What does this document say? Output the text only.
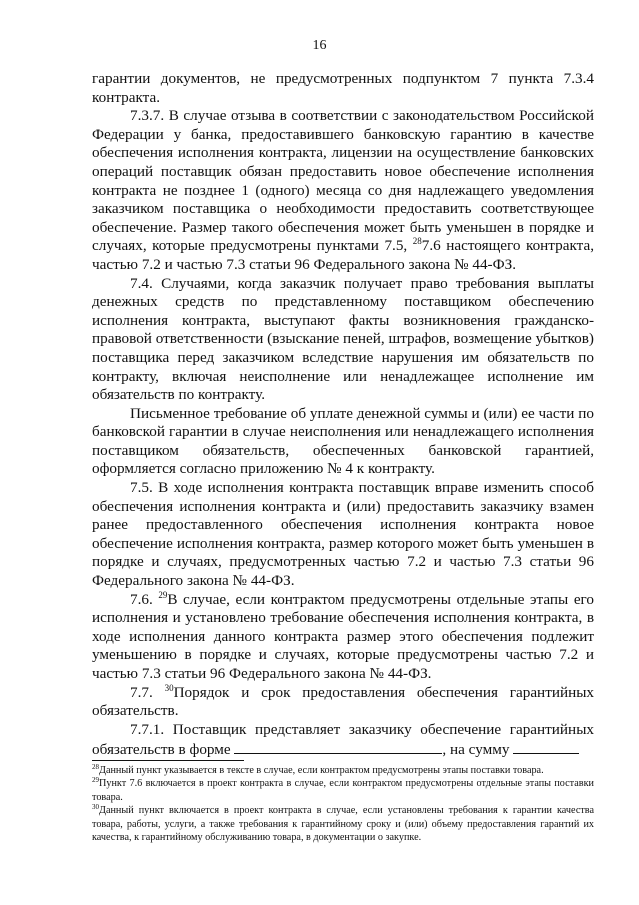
16

гарантии документов, не предусмотренных подпунктом 7 пункта 7.3.4 контракта.

7.3.7. В случае отзыва в соответствии с законодательством Российской Федерации у банка, предоставившего банковскую гарантию в качестве обеспечения исполнения контракта, лицензии на осуществление банковских операций поставщик обязан предоставить новое обеспечение исполнения контракта не позднее 1 (одного) месяца со дня надлежащего уведомления заказчиком поставщика о необходимости предоставить соответствующее обеспечение. Размер такого обеспечения может быть уменьшен в порядке и случаях, которые предусмотрены пунктами 7.5, $^{28}$7.6 настоящего контракта, частью 7.2 и частью 7.3 статьи 96 Федерального закона № 44-ФЗ.

7.4. Случаями, когда заказчик получает право требования выплаты денежных средств по представленному поставщиком обеспечению исполнения контракта, выступают факты возникновения гражданско-правовой ответственности (взыскание пеней, штрафов, возмещение убытков) поставщика перед заказчиком вследствие нарушения им обязательств по контракту, включая неисполнение или ненадлежащее исполнение им обязательств по контракту.

Письменное требование об уплате денежной суммы и (или) ее части по банковской гарантии в случае неисполнения или ненадлежащего исполнения поставщиком обязательств, обеспеченных банковской гарантией, оформляется согласно приложению № 4 к контракту.

7.5. В ходе исполнения контракта поставщик вправе изменить способ обеспечения исполнения контракта и (или) предоставить заказчику взамен ранее предоставленного обеспечения исполнения контракта новое обеспечение исполнения контракта, размер которого может быть уменьшен в порядке и случаях, предусмотренных частью 7.2 и частью 7.3 статьи 96 Федерального закона № 44-ФЗ.

7.6. $^{29}$В случае, если контрактом предусмотрены отдельные этапы его исполнения и установлено требование обеспечения исполнения контракта, в ходе исполнения данного контракта размер этого обеспечения подлежит уменьшению в порядке и случаях, которые предусмотрены частью 7.2 и частью 7.3 статьи 96 Федерального закона № 44-ФЗ.

7.7. $^{30}$Порядок и срок предоставления обеспечения гарантийных обязательств.

7.7.1. Поставщик представляет заказчику обеспечение гарантийных обязательств в форме	, на сумму

$^{28}$Данный пункт указывается в тексте в случае, если контрактом предусмотрены этапы поставки товара.

$^{29}$Пункт 7.6 включается в проект контракта в случае, если контрактом предусмотрены отдельные этапы поставки товара.

$^{30}$Данный пункт включается в проект контракта в случае, если установлены требования к гарантии качества товара, работы, услуги, а также требования к гарантийному сроку и (или) объему предоставления гарантий их качества, к гарантийному обслуживанию товара, в документации о закупке.
